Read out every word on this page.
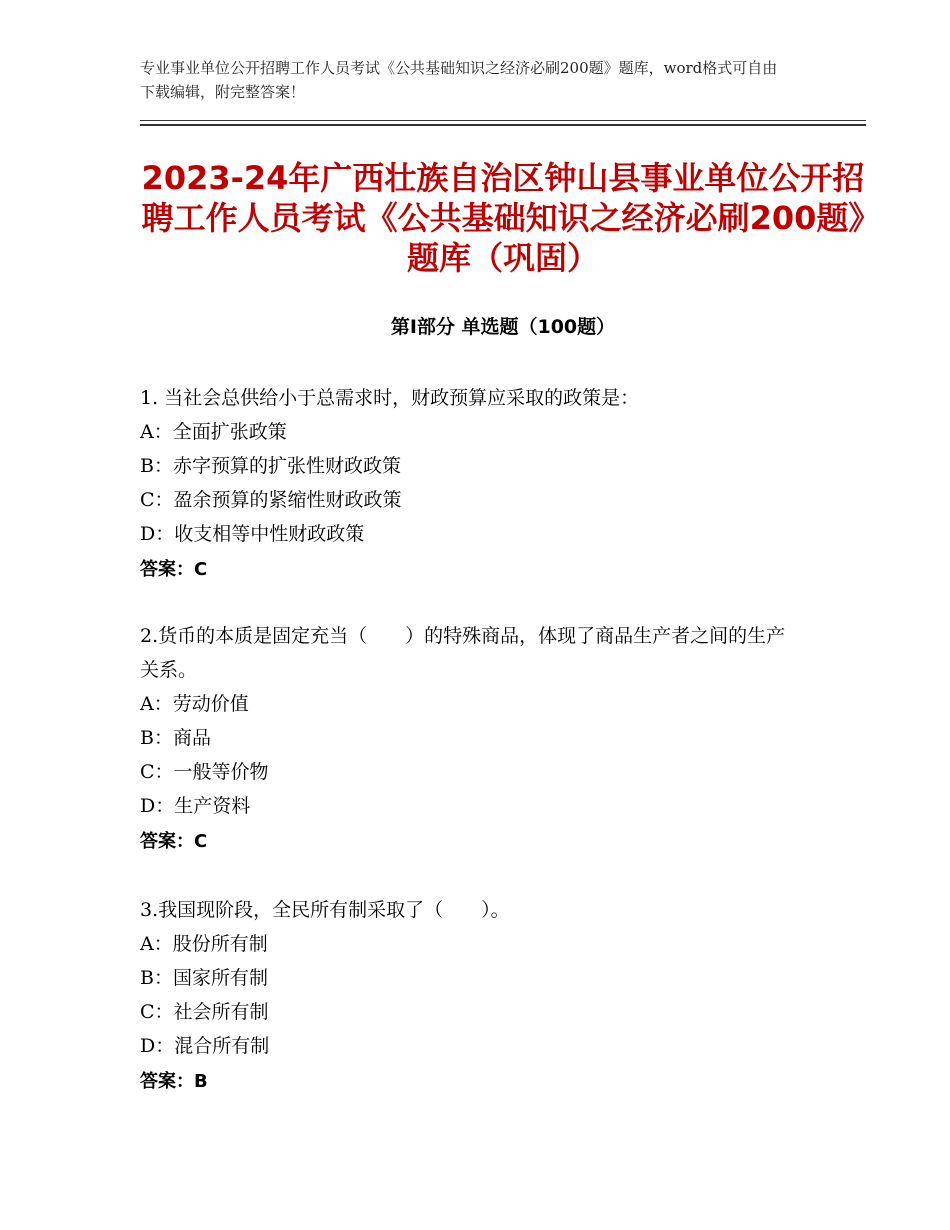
专业事业单位公开招聘工作人员考试《公共基础知识之经济必刷200题》题库，word格式可自由下载编辑，附完整答案！
2023-24年广西壮族自治区钟山县事业单位公开招聘工作人员考试《公共基础知识之经济必刷200题》题库（巩固）
第Ⅰ部分 单选题（100题）
1. 当社会总供给小于总需求时，财政预算应采取的政策是：
A：全面扩张政策
B：赤字预算的扩张性财政政策
C：盈余预算的紧缩性财政政策
D：收支相等中性财政政策
答案：C
2.货币的本质是固定充当（　　）的特殊商品，体现了商品生产者之间的生产关系。
A：劳动价值
B：商品
C：一般等价物
D：生产资料
答案：C
3.我国现阶段，全民所有制采取了（　　）。
A：股份所有制
B：国家所有制
C：社会所有制
D：混合所有制
答案：B
